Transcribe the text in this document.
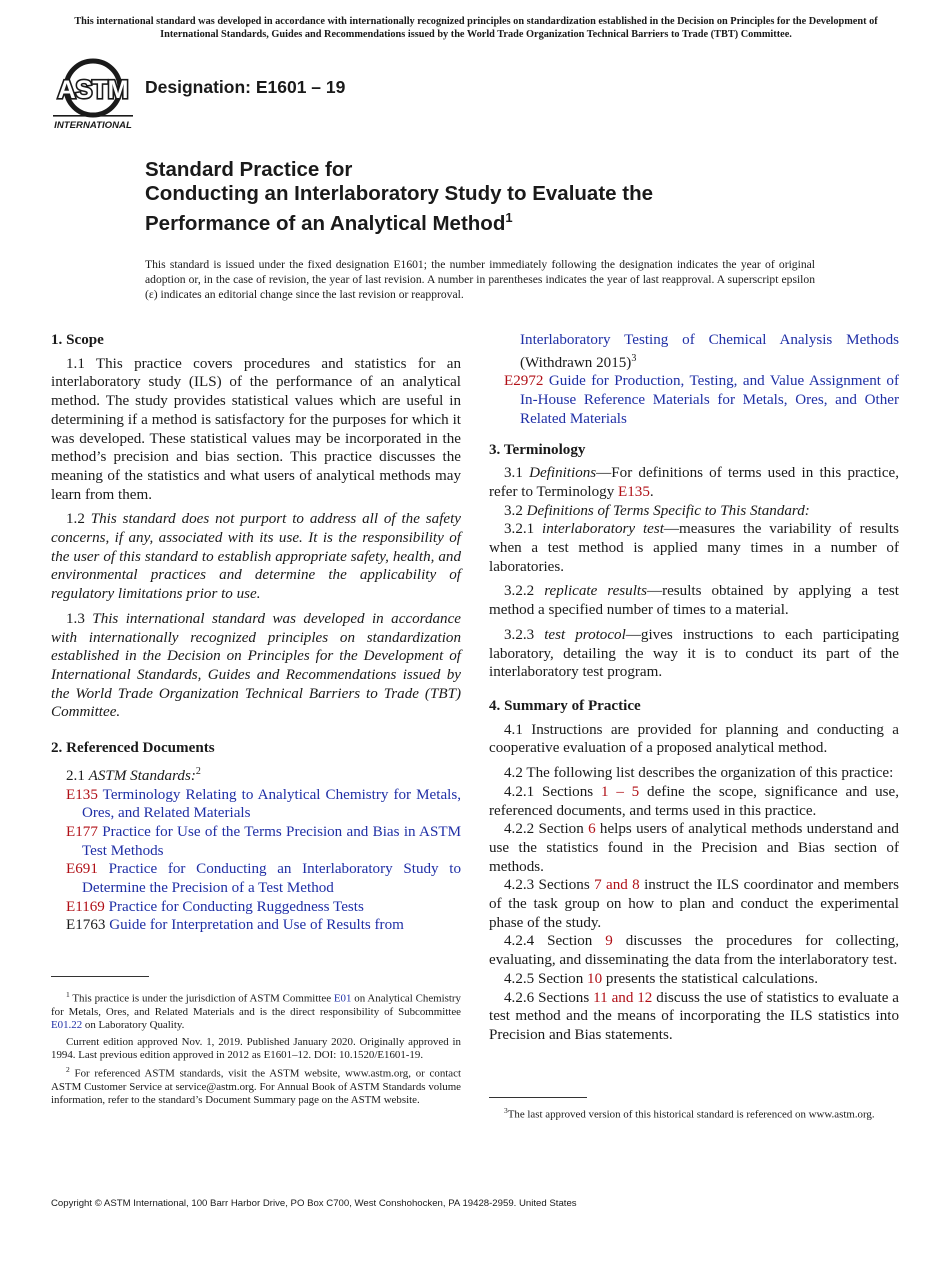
This international standard was developed in accordance with internationally recognized principles on standardization established in the Decision on Principles for the Development of International Standards, Guides and Recommendations issued by the World Trade Organization Technical Barriers to Trade (TBT) Committee.
ASTM
INTERNATIONAL
Designation: E1601 – 19
Standard Practice for
Conducting an Interlaboratory Study to Evaluate the
Performance of an Analytical Method$^1$
This standard is issued under the fixed designation E1601; the number immediately following the designation indicates the year of original adoption or, in the case of revision, the year of last revision. A number in parentheses indicates the year of last reapproval. A superscript epsilon (ε) indicates an editorial change since the last revision or reapproval.
1. Scope

1.1 This practice covers procedures and statistics for an interlaboratory study (ILS) of the performance of an analytical method. The study provides statistical values which are useful in determining if a method is satisfactory for the purposes for which it was developed. These statistical values may be incorporated in the method’s precision and bias section. This practice discusses the meaning of the statistics and what users of analytical methods may learn from them.

1.2 This standard does not purport to address all of the safety concerns, if any, associated with its use. It is the responsibility of the user of this standard to establish appropriate safety, health, and environmental practices and determine the applicability of regulatory limitations prior to use.

1.3 This international standard was developed in accordance with internationally recognized principles on standardization established in the Decision on Principles for the Development of International Standards, Guides and Recommendations issued by the World Trade Organization Technical Barriers to Trade (TBT) Committee.

2. Referenced Documents

2.1 ASTM Standards:$^2$

E135 Terminology Relating to Analytical Chemistry for Metals, Ores, and Related Materials

E177 Practice for Use of the Terms Precision and Bias in ASTM Test Methods

E691 Practice for Conducting an Interlaboratory Study to Determine the Precision of a Test Method

E1169 Practice for Conducting Ruggedness Tests

E1763 Guide for Interpretation and Use of Results from

Interlaboratory Testing of Chemical Analysis Methods (Withdrawn 2015)$^3$

E2972 Guide for Production, Testing, and Value Assignment of In-House Reference Materials for Metals, Ores, and Other Related Materials

3. Terminology

3.1 Definitions—For definitions of terms used in this practice, refer to Terminology E135.

3.2 Definitions of Terms Specific to This Standard:

3.2.1 interlaboratory test—measures the variability of results when a test method is applied many times in a number of laboratories.

3.2.2 replicate results—results obtained by applying a test method a specified number of times to a material.

3.2.3 test protocol—gives instructions to each participating laboratory, detailing the way it is to conduct its part of the interlaboratory test program.

4. Summary of Practice

4.1 Instructions are provided for planning and conducting a cooperative evaluation of a proposed analytical method.

4.2 The following list describes the organization of this practice:

4.2.1 Sections 1 – 5 define the scope, significance and use, referenced documents, and terms used in this practice.

4.2.2 Section 6 helps users of analytical methods understand and use the statistics found in the Precision and Bias section of methods.

4.2.3 Sections 7 and 8 instruct the ILS coordinator and members of the task group on how to plan and conduct the experimental phase of the study.

4.2.4 Section 9 discusses the procedures for collecting, evaluating, and disseminating the data from the interlaboratory test.

4.2.5 Section 10 presents the statistical calculations.

4.2.6 Sections 11 and 12 discuss the use of statistics to evaluate a test method and the means of incorporating the ILS statistics into Precision and Bias statements.

$^1$ This practice is under the jurisdiction of ASTM Committee E01 on Analytical Chemistry for Metals, Ores, and Related Materials and is the direct responsibility of Subcommittee E01.22 on Laboratory Quality.

Current edition approved Nov. 1, 2019. Published January 2020. Originally approved in 1994. Last previous edition approved in 2012 as E1601–12. DOI: 10.1520/E1601-19.

$^2$ For referenced ASTM standards, visit the ASTM website, www.astm.org, or contact ASTM Customer Service at service@astm.org. For Annual Book of ASTM Standards volume information, refer to the standard’s Document Summary page on the ASTM website.

$^3$The last approved version of this historical standard is referenced on www.astm.org.

Copyright © ASTM International, 100 Barr Harbor Drive, PO Box C700, West Conshohocken, PA 19428-2959. United States
